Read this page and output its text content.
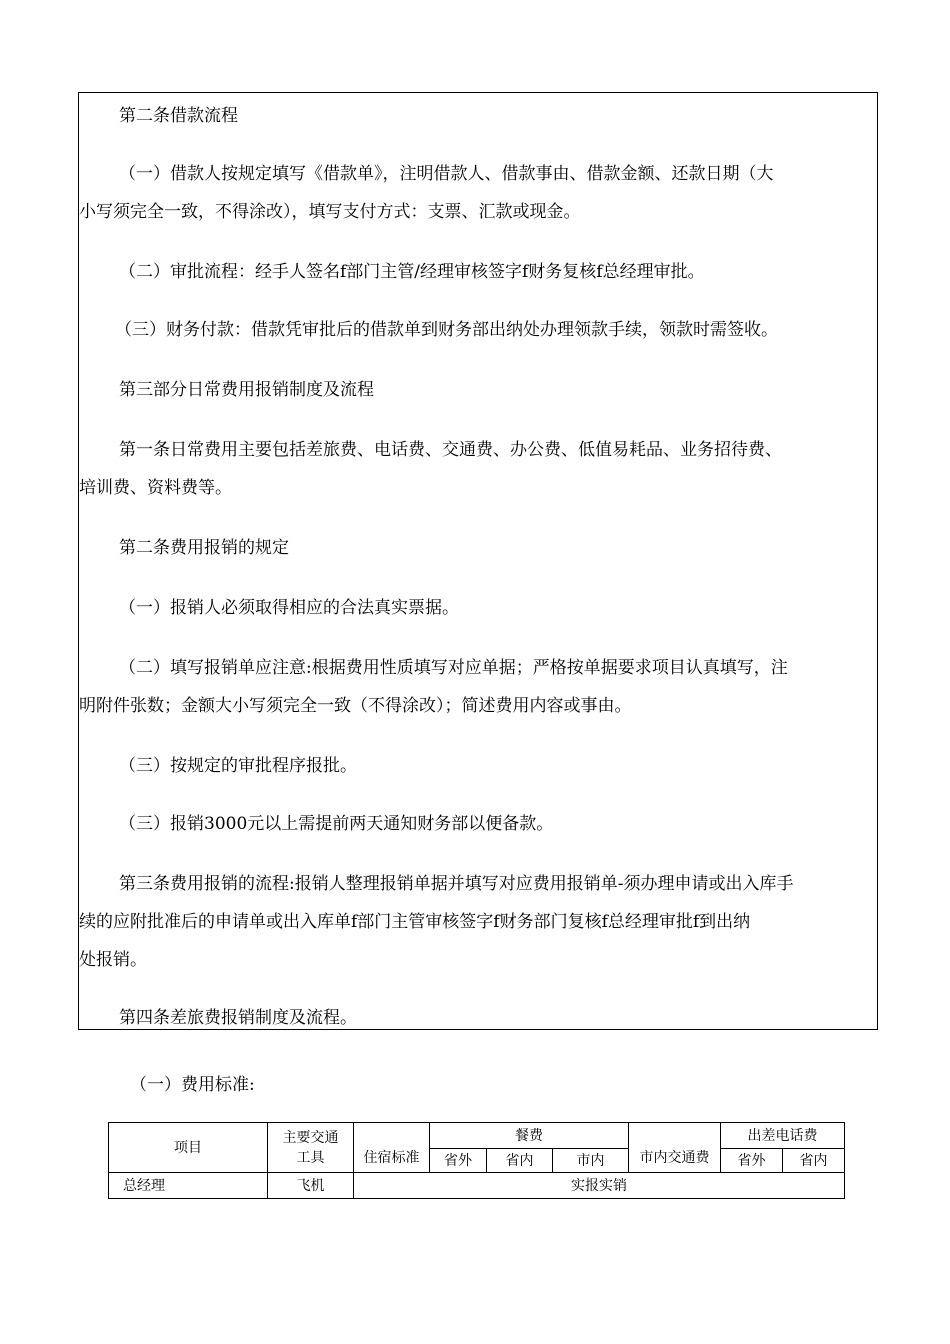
第二条借款流程

（一）借款人按规定填写《借款单》，注明借款人、借款事由、借款金额、还款日期（大

小写须完全一致，不得涂改），填写支付方式：支票、汇款或现金。

（二）审批流程：经手人签名f部门主管/经理审核签字f财务复核f总经理审批。

（三）财务付款：借款凭审批后的借款单到财务部出纳处办理领款手续，领款时需签收。

第三部分日常费用报销制度及流程

第一条日常费用主要包括差旅费、电话费、交通费、办公费、低值易耗品、业务招待费、

培训费、资料费等。

第二条费用报销的规定

（一）报销人必须取得相应的合法真实票据。

（二）填写报销单应注意:根据费用性质填写对应单据；严格按单据要求项目认真填写，注

明附件张数；金额大小写须完全一致（不得涂改）；简述费用内容或事由。

（三）按规定的审批程序报批。

（三）报销3000元以上需提前两天通知财务部以便备款。

第三条费用报销的流程:报销人整理报销单据并填写对应费用报销单-须办理申请或出入库手

续的应附批准后的申请单或出入库单f部门主管审核签字f财务部门复核f总经理审批f到出纳

处报销。

第四条差旅费报销制度及流程。

（一）费用标准:

项目	主要交通
工具	住宿标准	餐费			市内交通费	出差电话费	
			省外	省内	市内		省外	省内
总经理	飞机	实报实销						
